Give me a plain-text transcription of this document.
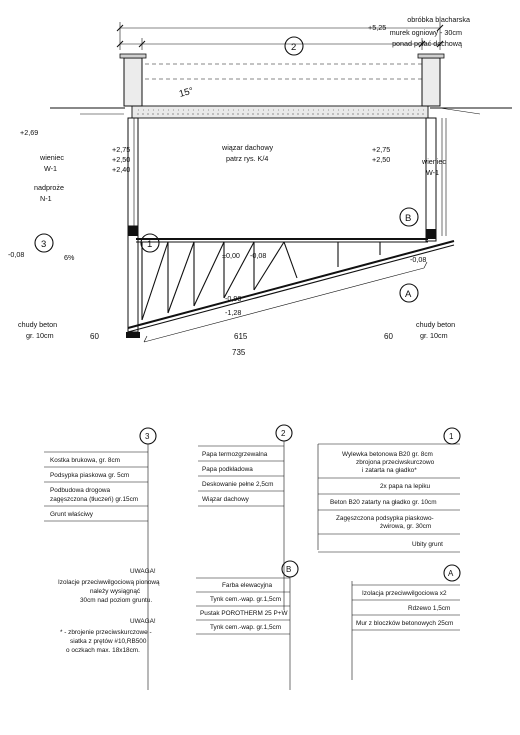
obróbka blacharska
murek ogniowy - 30cm
ponad połać dachową
+5,25
15°
wiązar dachowy
patrz rys. K/4
+2,69
+2,75
+2,50
+2,40
+2,75
+2,50
wieniec
W-1
wieniec
W-1
nadproże
N-1
±0,00 -0,08
-0,08	6%	-0,08
-0,98
-1,28
chudy beton
gr. 10cm
chudy beton
gr. 10cm
60	615	60
735
2
1
3
B
A
3
Kostka brukowa, gr. 8cm
Podsypka piaskowa gr. 5cm
Podbudowa drogowa
zagęszczona (tłuczeń) gr.15cm
Grunt właściwy
2
Papa termozgrzewalna
Papa podkładowa
Deskowanie pełne 2,5cm
Wiązar dachowy
1
Wylewka betonowa B20 gr. 8cm
zbrojona przeciwskurczowo
i zatarta na gładko*
2x papa na lepiku
Beton B20 zatarty na gładko gr. 10cm
Zagęszczona podsypka piaskowo-
żwirowa, gr. 30cm
Ubity grunt
B
Farba elewacyjna
Tynk cem.-wap. gr.1,5cm
Pustak POROTHERM 25 P+W
Tynk cem.-wap. gr.1,5cm
A
Izolacja przeciwwilgociowa x2
Rdzewo 1,5cm
Mur z bloczków betonowych 25cm
UWAGA!
Izolacje przeciwwilgociową pionową
należy wysiągnąć
30cm nad poziom gruntu.
UWAGA!
* - zbrojenie przeciwskurczowe -
siatka z prętów #10,RB500
o oczkach max. 18x18cm.
